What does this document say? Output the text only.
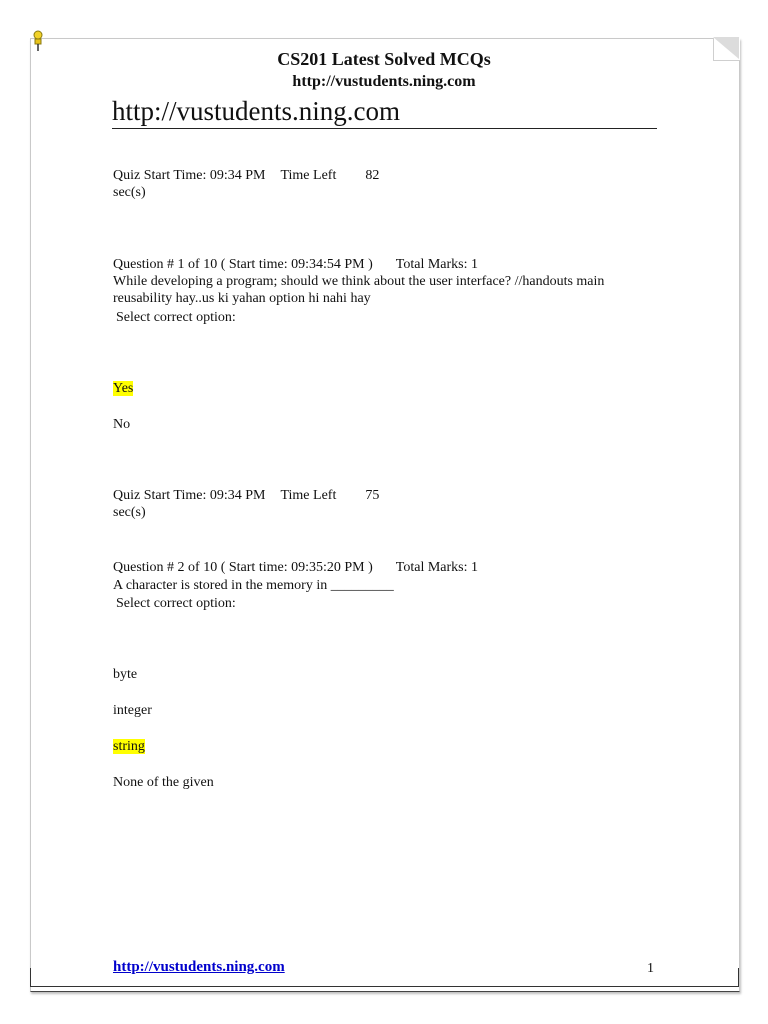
CS201 Latest Solved MCQs
http://vustudents.ning.com
http://vustudents.ning.com
Quiz Start Time: 09:34 PM Time Left 82
sec(s)
Question # 1 of 10 ( Start time: 09:34:54 PM ) Total Marks: 1
While developing a program; should we think about the user interface? //handouts main
reusability hay..us ki yahan option hi nahi hay
Select correct option:
Yes
No
Quiz Start Time: 09:34 PM Time Left 75
sec(s)
Question # 2 of 10 ( Start time: 09:35:20 PM ) Total Marks: 1
A character is stored in the memory in _________
Select correct option:
byte
integer
string
None of the given
http://vustudents.ning.com	1
